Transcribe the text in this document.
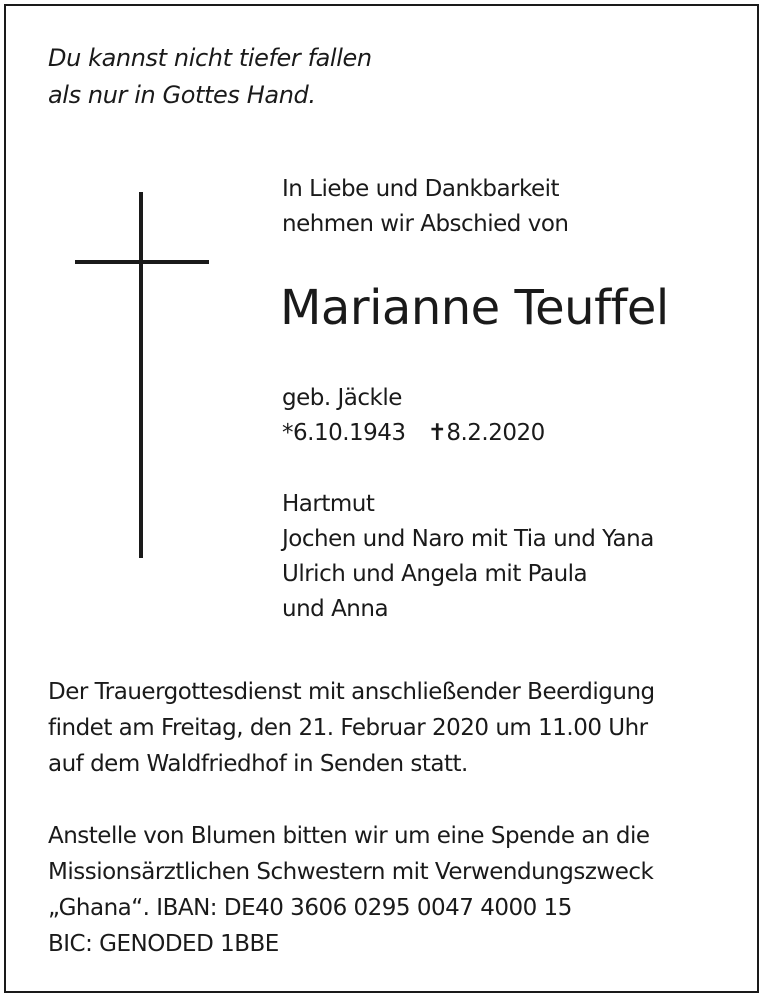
Du kannst nicht tiefer fallen
als nur in Gottes Hand.
In Liebe und Dankbarkeit
nehmen wir Abschied von
Marianne Teuffel
geb. Jäckle
*6.10.1943 ✝8.2.2020
Hartmut
Jochen und Naro mit Tia und Yana
Ulrich und Angela mit Paula
und Anna
Der Trauergottesdienst mit anschließender Beerdigung
findet am Freitag, den 21. Februar 2020 um 11.00 Uhr
auf dem Waldfriedhof in Senden statt.
Anstelle von Blumen bitten wir um eine Spende an die
Missionsärztlichen Schwestern mit Verwendungszweck
„Ghana“. IBAN: DE40 3606 0295 0047 4000 15
BIC: GENODED 1BBE
